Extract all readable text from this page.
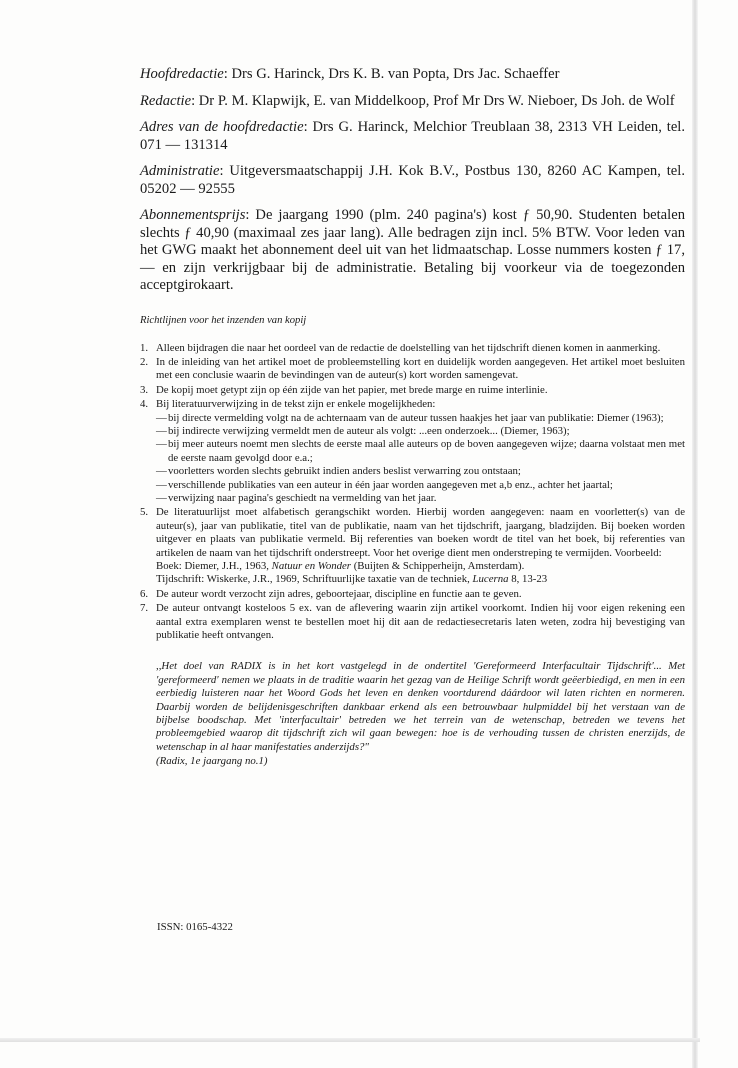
Hoofdredactie: Drs G. Harinck, Drs K. B. van Popta, Drs Jac. Schaeffer

Redactie: Dr P. M. Klapwijk, E. van Middelkoop, Prof Mr Drs W. Nieboer, Ds Joh. de Wolf

Adres van de hoofdredactie: Drs G. Harinck, Melchior Treublaan 38, 2313 VH Leiden, tel. 071 — 131314

Administratie: Uitgeversmaatschappij J.H. Kok B.V., Postbus 130, 8260 AC Kampen, tel. 05202 — 92555

Abonnementsprijs: De jaargang 1990 (plm. 240 pagina's) kost ƒ 50,90. Studenten betalen slechts ƒ 40,90 (maximaal zes jaar lang). Alle bedragen zijn incl. 5% BTW. Voor leden van het GWG maakt het abonnement deel uit van het lidmaatschap. Losse nummers kosten ƒ 17,— en zijn verkrijgbaar bij de administratie. Betaling bij voorkeur via de toegezonden acceptgirokaart.

Richtlijnen voor het inzenden van kopij
1. Alleen bijdragen die naar het oordeel van de redactie de doelstelling van het tijdschrift dienen komen in aanmerking.
2. In de inleiding van het artikel moet de probleemstelling kort en duidelijk worden aangegeven. Het artikel moet besluiten met een conclusie waarin de bevindingen van de auteur(s) kort worden samengevat.
3. De kopij moet getypt zijn op één zijde van het papier, met brede marge en ruime interlinie.
4. Bij literatuurverwijzing in de tekst zijn er enkele mogelijkheden:
— bij directe vermelding volgt na de achternaam van de auteur tussen haakjes het jaar van publikatie: Diemer (1963);
— bij indirecte verwijzing vermeldt men de auteur als volgt: ...een onderzoek... (Diemer, 1963);
— bij meer auteurs noemt men slechts de eerste maal alle auteurs op de boven aangegeven wijze; daarna volstaat men met de eerste naam gevolgd door e.a.;
— voorletters worden slechts gebruikt indien anders beslist verwarring zou ontstaan;
— verschillende publikaties van een auteur in één jaar worden aangegeven met a,b enz., achter het jaartal;
— verwijzing naar pagina's geschiedt na vermelding van het jaar.
5. De literatuurlijst moet alfabetisch gerangschikt worden. Hierbij worden aangegeven: naam en voorletter(s) van de auteur(s), jaar van publikatie, titel van de publikatie, naam van het tijdschrift, jaargang, bladzijden. Bij boeken worden uitgever en plaats van publikatie vermeld. Bij referenties van boeken wordt de titel van het boek, bij referenties van artikelen de naam van het tijdschrift onderstreept. Voor het overige dient men onderstreping te vermijden. Voorbeeld:
Boek: Diemer, J.H., 1963, Natuur en Wonder (Buijten & Schipperheijn, Amsterdam).
Tijdschrift: Wiskerke, J.R., 1969, Schriftuurlijke taxatie van de techniek, Lucerna 8, 13-23
6. De auteur wordt verzocht zijn adres, geboortejaar, discipline en functie aan te geven.
7. De auteur ontvangt kosteloos 5 ex. van de aflevering waarin zijn artikel voorkomt. Indien hij voor eigen rekening een aantal extra exemplaren wenst te bestellen moet hij dit aan de redactiesecretaris laten weten, zodra hij bevestiging van publikatie heeft ontvangen.
,,Het doel van RADIX is in het kort vastgelegd in de ondertitel 'Gereformeerd Interfacultair Tijdschrift'... Met 'gereformeerd' nemen we plaats in de traditie waarin het gezag van de Heilige Schrift wordt geëerbiedigd, en men in een eerbiedig luisteren naar het Woord Gods het leven en denken voortdurend dáárdoor wil laten richten en normeren. Daarbij worden de belijdenisgeschriften dankbaar erkend als een betrouwbaar hulpmiddel bij het verstaan van de bijbelse boodschap. Met 'interfacultair' betreden we het terrein van de wetenschap, betreden we tevens het probleemgebied waarop dit tijdschrift zich wil gaan bewegen: hoe is de verhouding tussen de christen enerzijds, de wetenschap in al haar manifestaties anderzijds?"
(Radix, 1e jaargang no.1)
ISSN: 0165-4322
